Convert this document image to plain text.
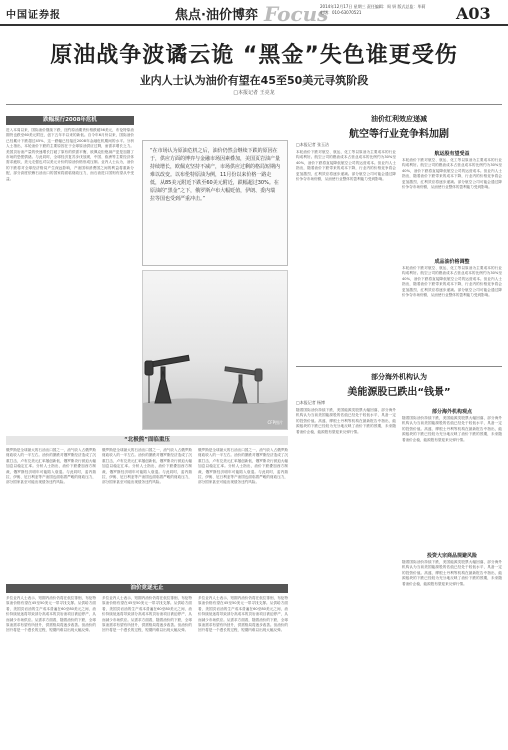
中国证券报	焦点·油价博弈 Focus
2014年12月17日 星期三 责任编辑：周 妍 版式总监：毕莉 电话：010-63070521	A03
原油战争波谲云诡 “黑金”失色谁更受伤
业内人士认为油价有望在45至50美元寻筑阶段
□本报记者 王亮龙
跌幅现行2008年危机
进入本周以来，国际油价继续下跌，纽约原油期货价格跌破56美元，布伦特原油期货也跌至60美元附近，创下五年半以来的新低。自今年6月份以来，国际油价已经累计下跌超过45%，这一跌幅已经接近2008年金融危机期间的水平。分析人士指出，本轮油价下跌的主要原因在于全球原油供应过剩，而需求增长乏力。美国页岩油产量的快速增长打破了原有的供需平衡，欧佩克拒绝减产更是加剧了市场的恐慌情绪。与此同时，全球经济复苏步伐放缓，中国、欧洲等主要经济体需求疲软，美元走强也对以美元计价的原油价格形成压制。业内人士认为，油价的下跌将对全球经济格局产生深远影响，产油国和消费国之间的利益将重新分配，部分高度依赖石油出口的国家将面临财政压力，而石油进口国则有望从中受益。
“在市场认为原油危机之后，油价仍然会继续下跌的原因在于，供应方面的博弈与金融市场因素叠加，美国页岩油产量持续增长，欧佩克坚持不减产，市场供应过剩的格局短期内难以改变。以布伦特原油为例，11月份以来价格一路走低，从85美元附近下跌至60美元附近，跌幅超过30%。在原油的“黑金”之下，俄罗斯卢布大幅贬值，伊朗、委内瑞拉等国也受到严重冲击。”
CFP图片
油价红利效应递减
航空等行业竞争料加剧
□本报记者 张玉洁
本轮油价下跌对航空、航运、化工等以原油为主要成本的行业构成利好。航空公司的燃油成本占营业成本的比例约为30%至40%，油价下跌将直接降低航空公司的运营成本。但业内人士指出，随着油价下跌带来的成本下降，行业内的价格竞争将会更加激烈，红利效应将逐步递减。部分航空公司可能会通过降价争夺市场份额，从而使行业整体的盈利能力受到影响。
航运股有望受益
本轮油价下跌对航空、航运、化工等以原油为主要成本的行业构成利好。航空公司的燃油成本占营业成本的比例约为30%至40%，油价下跌将直接降低航空公司的运营成本。但业内人士指出，随着油价下跌带来的成本下降，行业内的价格竞争将会更加激烈，红利效应将逐步递减。部分航空公司可能会通过降价争夺市场份额，从而使行业整体的盈利能力受到影响。
成品油价格调整
本轮油价下跌对航空、航运、化工等以原油为主要成本的行业构成利好。航空公司的燃油成本占营业成本的比例约为30%至40%，油价下跌将直接降低航空公司的运营成本。但业内人士指出，随着油价下跌带来的成本下降，行业内的价格竞争将会更加激烈，红利效应将逐步递减。部分航空公司可能会通过降价争夺市场份额，从而使行业整体的盈利能力受到影响。
部分海外机构认为
美能源股已跌出“钱景”
□本报记者 杨博
随着国际油价持续下跌，美国能源类股票大幅回落，部分海外机构认为当前美国能源股的估值已经处于较低水平，具备一定的投资价值。高盛、摩根士丹利等机构在最新报告中指出，能源板块的下跌已经较为充分地反映了油价下跌的预期，未来随着油价企稳，能源股有望迎来反弹行情。
部分海外机构观点
随着国际油价持续下跌，美国能源类股票大幅回落，部分海外机构认为当前美国能源股的估值已经处于较低水平，具备一定的投资价值。高盛、摩根士丹利等机构在最新报告中指出，能源板块的下跌已经较为充分地反映了油价下跌的预期，未来随着油价企稳，能源股有望迎来反弹行情。
投资大宗商品规避风险
随着国际油价持续下跌，美国能源类股票大幅回落，部分海外机构认为当前美国能源股的估值已经处于较低水平，具备一定的投资价值。高盛、摩根士丹利等机构在最新报告中指出，能源板块的下跌已经较为充分地反映了油价下跌的预期，未来随着油价企稳，能源股有望迎来反弹行情。
“北极熊”面临重压
俄罗斯是全球最大的石油出口国之一，油气收入占俄罗斯财政收入的一半左右。油价的暴跌对俄罗斯经济造成了沉重打击，卢布兑美元汇率屡创新低，俄罗斯央行被迫大幅加息以稳定汇率。分析人士指出，油价下跌叠加西方制裁，俄罗斯经济明年可能陷入衰退。与此同时，委内瑞拉、伊朗、尼日利亚等产油国也面临着严峻的财政压力，部分国家甚至可能出现债务违约风险。
俄罗斯是全球最大的石油出口国之一，油气收入占俄罗斯财政收入的一半左右。油价的暴跌对俄罗斯经济造成了沉重打击，卢布兑美元汇率屡创新低，俄罗斯央行被迫大幅加息以稳定汇率。分析人士指出，油价下跌叠加西方制裁，俄罗斯经济明年可能陷入衰退。与此同时，委内瑞拉、伊朗、尼日利亚等产油国也面临着严峻的财政压力，部分国家甚至可能出现债务违约风险。
俄罗斯是全球最大的石油出口国之一，油气收入占俄罗斯财政收入的一半左右。油价的暴跌对俄罗斯经济造成了沉重打击，卢布兑美元汇率屡创新低，俄罗斯央行被迫大幅加息以稳定汇率。分析人士指出，油价下跌叠加西方制裁，俄罗斯经济明年可能陷入衰退。与此同时，委内瑞拉、伊朗、尼日利亚等产油国也面临着严峻的财政压力，部分国家甚至可能出现债务违约风险。
油价竞逐无止
多位业内人士表示，短期内油价仍将在低位徘徊，布伦特原油价格有望在45至50美元一带寻找支撑。从供给方面看，美国页岩油的生产成本普遍在60至80美元之间，油价持续低迷将导致部分高成本的页岩油项目被迫停产，从而减少市场供应。从需求方面看，随着油价的下跌，全球原油需求有望有所回升，供需格局将逐步改善。但油价的回升将是一个漫长的过程，短期内难以出现大幅反弹。
多位业内人士表示，短期内油价仍将在低位徘徊，布伦特原油价格有望在45至50美元一带寻找支撑。从供给方面看，美国页岩油的生产成本普遍在60至80美元之间，油价持续低迷将导致部分高成本的页岩油项目被迫停产，从而减少市场供应。从需求方面看，随着油价的下跌，全球原油需求有望有所回升，供需格局将逐步改善。但油价的回升将是一个漫长的过程，短期内难以出现大幅反弹。
多位业内人士表示，短期内油价仍将在低位徘徊，布伦特原油价格有望在45至50美元一带寻找支撑。从供给方面看，美国页岩油的生产成本普遍在60至80美元之间，油价持续低迷将导致部分高成本的页岩油项目被迫停产，从而减少市场供应。从需求方面看，随着油价的下跌，全球原油需求有望有所回升，供需格局将逐步改善。但油价的回升将是一个漫长的过程，短期内难以出现大幅反弹。
